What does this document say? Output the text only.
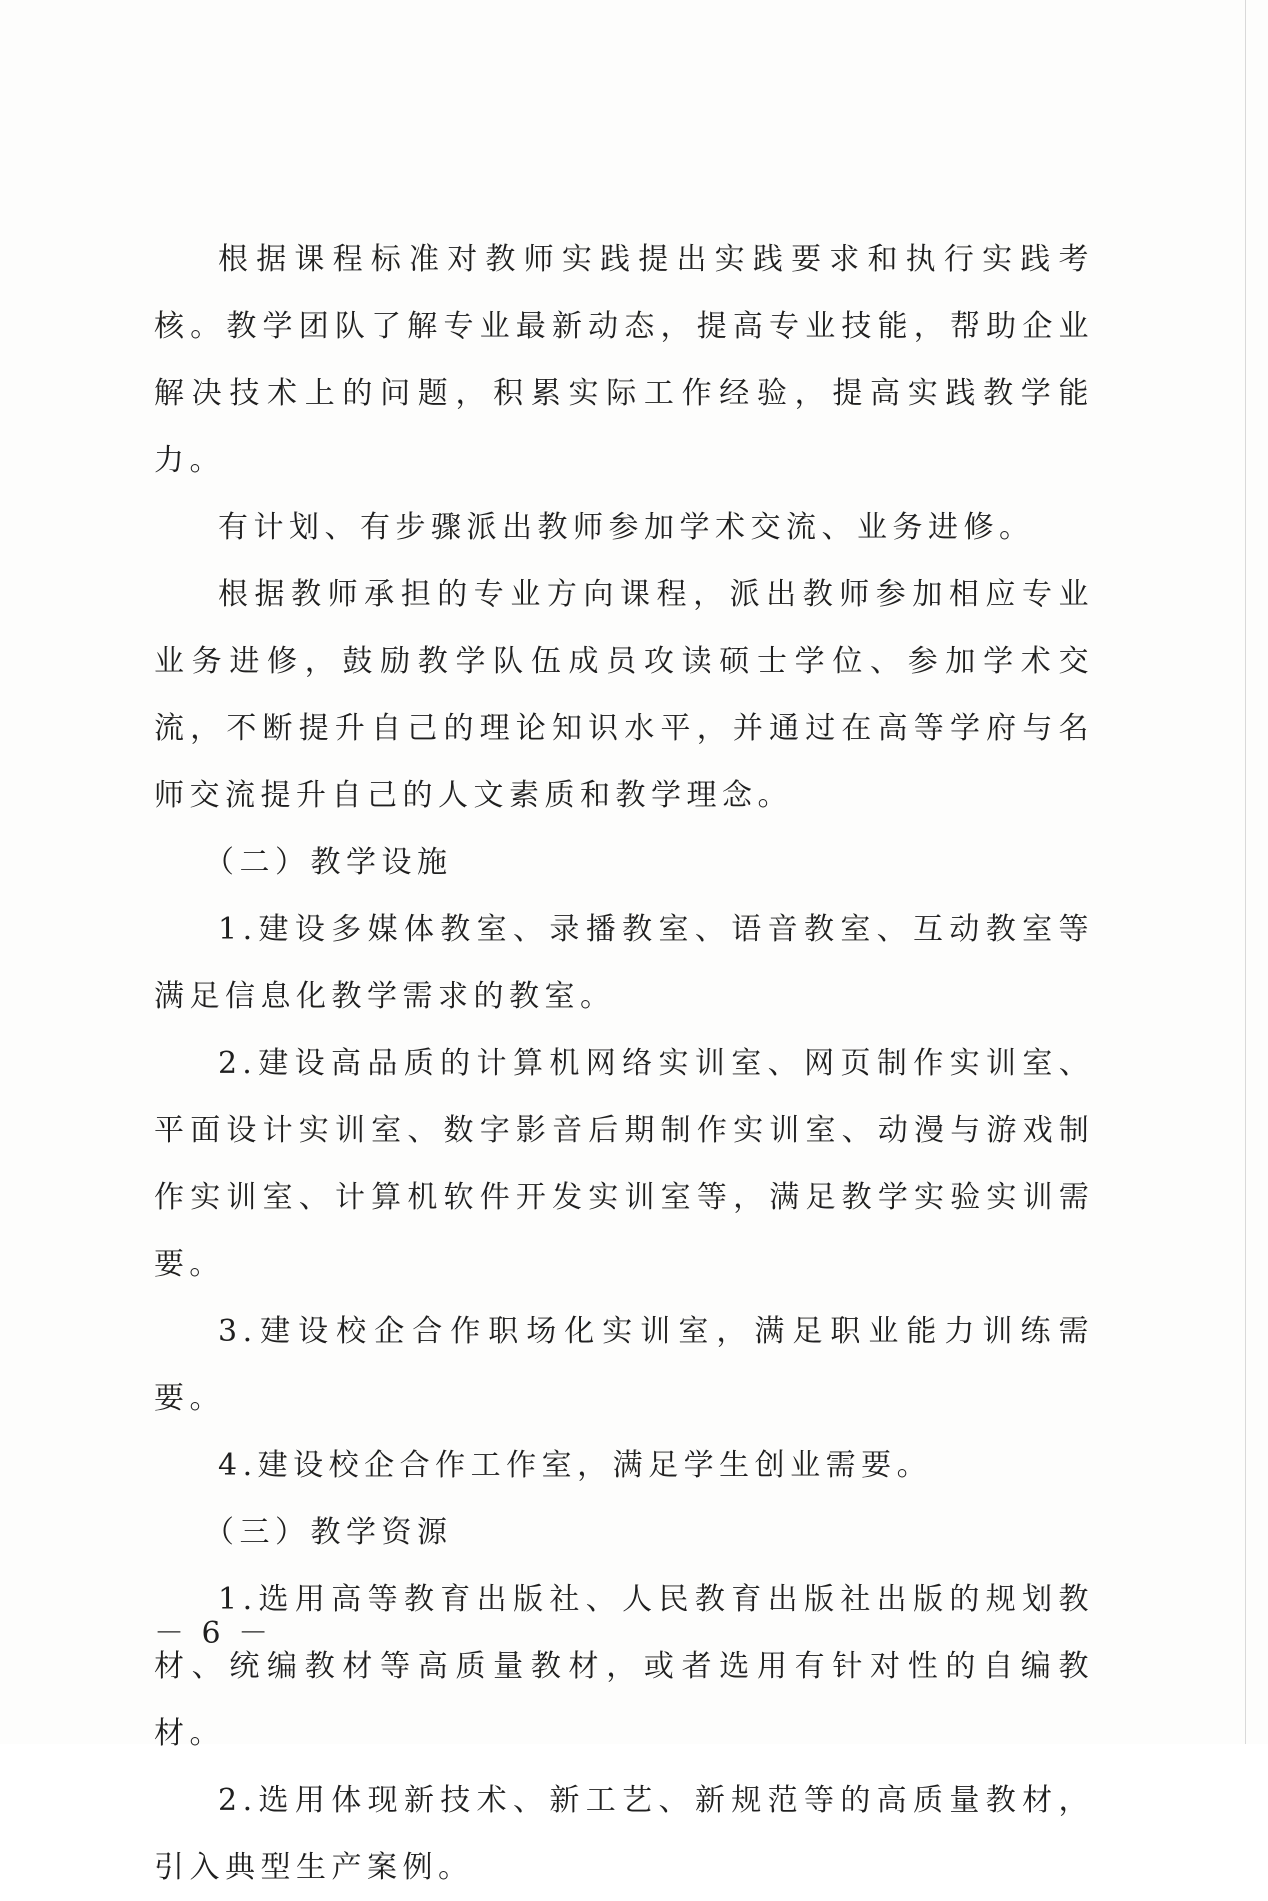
根据课程标准对教师实践提出实践要求和执行实践考核。教学团队了解专业最新动态，提高专业技能，帮助企业解决技术上的问题，积累实际工作经验，提高实践教学能力。

有计划、有步骤派出教师参加学术交流、业务进修。

根据教师承担的专业方向课程，派出教师参加相应专业业务进修，鼓励教学队伍成员攻读硕士学位、参加学术交流，不断提升自己的理论知识水平，并通过在高等学府与名师交流提升自己的人文素质和教学理念。

（二）教学设施

1.建设多媒体教室、录播教室、语音教室、互动教室等满足信息化教学需求的教室。

2.建设高品质的计算机网络实训室、网页制作实训室、平面设计实训室、数字影音后期制作实训室、动漫与游戏制作实训室、计算机软件开发实训室等，满足教学实验实训需要。

3.建设校企合作职场化实训室，满足职业能力训练需要。

4.建设校企合作工作室，满足学生创业需要。

（三）教学资源

1.选用高等教育出版社、人民教育出版社出版的规划教材、统编教材等高质量教材，或者选用有针对性的自编教材。

2.选用体现新技术、新工艺、新规范等的高质量教材，引入典型生产案例。

－ 6 －
